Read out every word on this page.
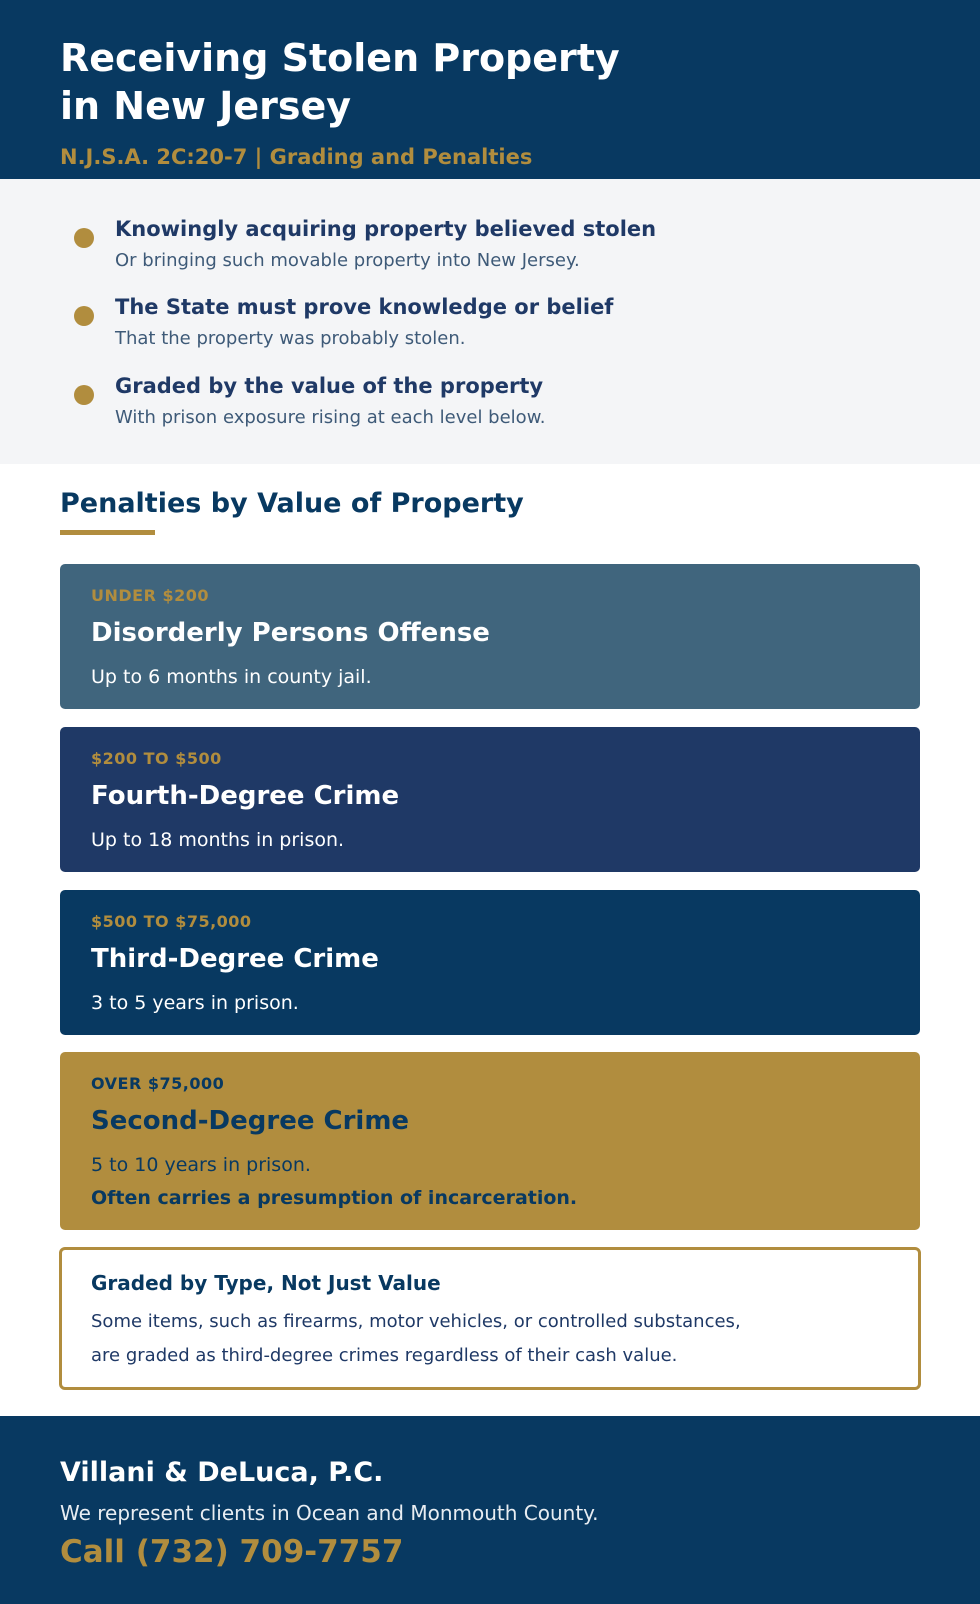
Receiving Stolen Property
in New Jersey
N.J.S.A. 2C:20-7 | Grading and Penalties
Knowingly acquiring property believed stolen
Or bringing such movable property into New Jersey.
The State must prove knowledge or belief
That the property was probably stolen.
Graded by the value of the property
With prison exposure rising at each level below.
Penalties by Value of Property
UNDER $200
Disorderly Persons Offense
Up to 6 months in county jail.
$200 TO $500
Fourth-Degree Crime
Up to 18 months in prison.
$500 TO $75,000
Third-Degree Crime
3 to 5 years in prison.
OVER $75,000
Second-Degree Crime
5 to 10 years in prison.
Often carries a presumption of incarceration.
Graded by Type, Not Just Value
Some items, such as firearms, motor vehicles, or controlled substances,
are graded as third-degree crimes regardless of their cash value.
Villani & DeLuca, P.C.
We represent clients in Ocean and Monmouth County.
Call (732) 709-7757
